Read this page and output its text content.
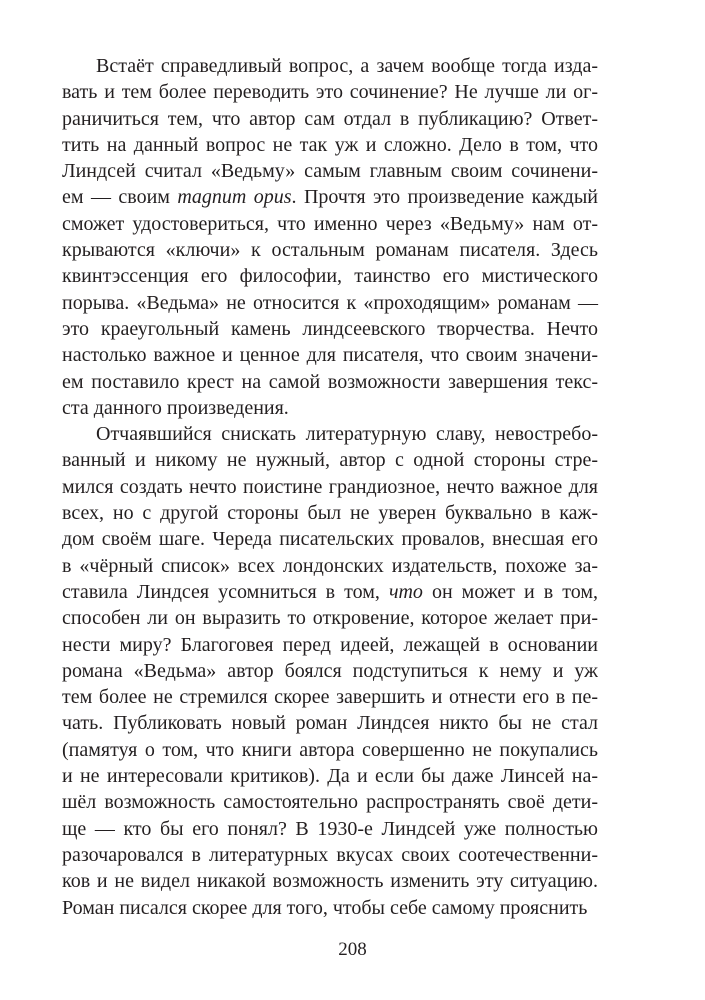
Встаёт справедливый вопрос, а зачем вообще тогда изда-
вать и тем более переводить это сочинение? Не лучше ли ог-
раничиться тем, что автор сам отдал в публикацию? Ответ-
тить на данный вопрос не так уж и сложно. Дело в том, что
Линдсей считал «Ведьму» самым главным своим сочинени-
ем — своим magnum opus. Прочтя это произведение каждый
сможет удостовериться, что именно через «Ведьму» нам от-
крываются «ключи» к остальным романам писателя. Здесь
квинтэссенция его философии, таинство его мистического
порыва. «Ведьма» не относится к «проходящим» романам —
это краеугольный камень линдсеевского творчества. Нечто
настолько важное и ценное для писателя, что своим значени-
ем поставило крест на самой возможности завершения текс-
ста данного произведения.
Отчаявшийся снискать литературную славу, невостребо-
ванный и никому не нужный, автор с одной стороны стре-
мился создать нечто поистине грандиозное, нечто важное для
всех, но с другой стороны был не уверен буквально в каж-
дом своём шаге. Череда писательских провалов, внесшая его
в «чёрный список» всех лондонских издательств, похоже за-
ставила Линдсея усомниться в том, что он может и в том,
способен ли он выразить то откровение, которое желает при-
нести миру? Благоговея перед идеей, лежащей в основании
романа «Ведьма» автор боялся подступиться к нему и уж
тем более не стремился скорее завершить и отнести его в пе-
чать. Публиковать новый роман Линдсея никто бы не стал
(памятуя о том, что книги автора совершенно не покупались
и не интересовали критиков). Да и если бы даже Линсей на-
шёл возможность самостоятельно распространять своё дети-
ще — кто бы его понял? В 1930-е Линдсей уже полностью
разочаровался в литературных вкусах своих соотечественни-
ков и не видел никакой возможность изменить эту ситуацию.
Роман писался скорее для того, чтобы себе самому прояснить
208
